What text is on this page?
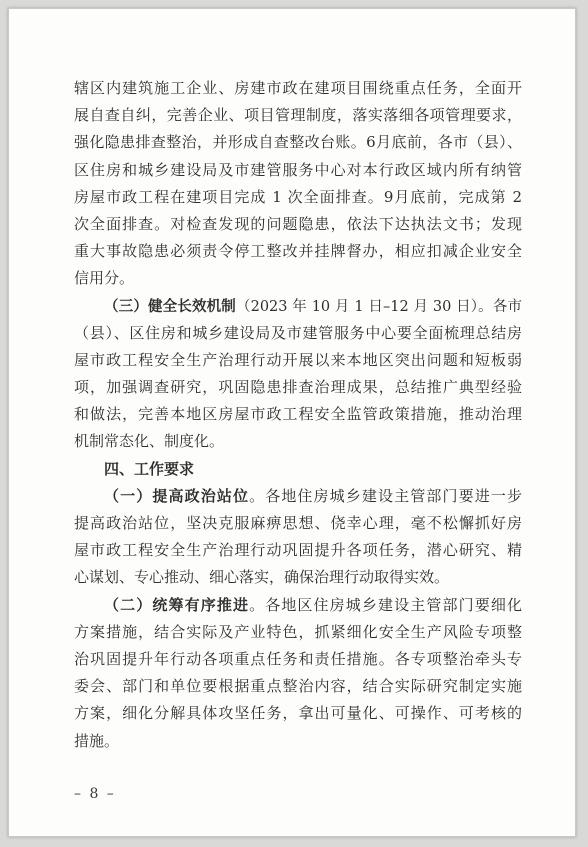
辖区内建筑施工企业、房建市政在建项目围绕重点任务，全面开
展自查自纠，完善企业、项目管理制度，落实落细各项管理要求，
强化隐患排查整治，并形成自查整改台账。6月底前，各市（县）、
区住房和城乡建设局及市建管服务中心对本行政区域内所有纳管
房屋市政工程在建项目完成 1 次全面排查。9月底前，完成第 2
次全面排查。对检查发现的问题隐患，依法下达执法文书；发现
重大事故隐患必须责令停工整改并挂牌督办，相应扣减企业安全
信用分。
（三）健全长效机制（2023 年 10 月 1 日–12 月 30 日）。各市
（县）、区住房和城乡建设局及市建管服务中心要全面梳理总结房
屋市政工程安全生产治理行动开展以来本地区突出问题和短板弱
项，加强调查研究，巩固隐患排查治理成果，总结推广典型经验
和做法，完善本地区房屋市政工程安全监管政策措施，推动治理
机制常态化、制度化。
四、工作要求
（一）提高政治站位。各地住房城乡建设主管部门要进一步
提高政治站位，坚决克服麻痹思想、侥幸心理，毫不松懈抓好房
屋市政工程安全生产治理行动巩固提升各项任务，潜心研究、精
心谋划、专心推动、细心落实，确保治理行动取得实效。
（二）统筹有序推进。各地区住房城乡建设主管部门要细化
方案措施，结合实际及产业特色，抓紧细化安全生产风险专项整
治巩固提升年行动各项重点任务和责任措施。各专项整治牵头专
委会、部门和单位要根据重点整治内容，结合实际研究制定实施
方案，细化分解具体攻坚任务，拿出可量化、可操作、可考核的
措施。
– 8 –
